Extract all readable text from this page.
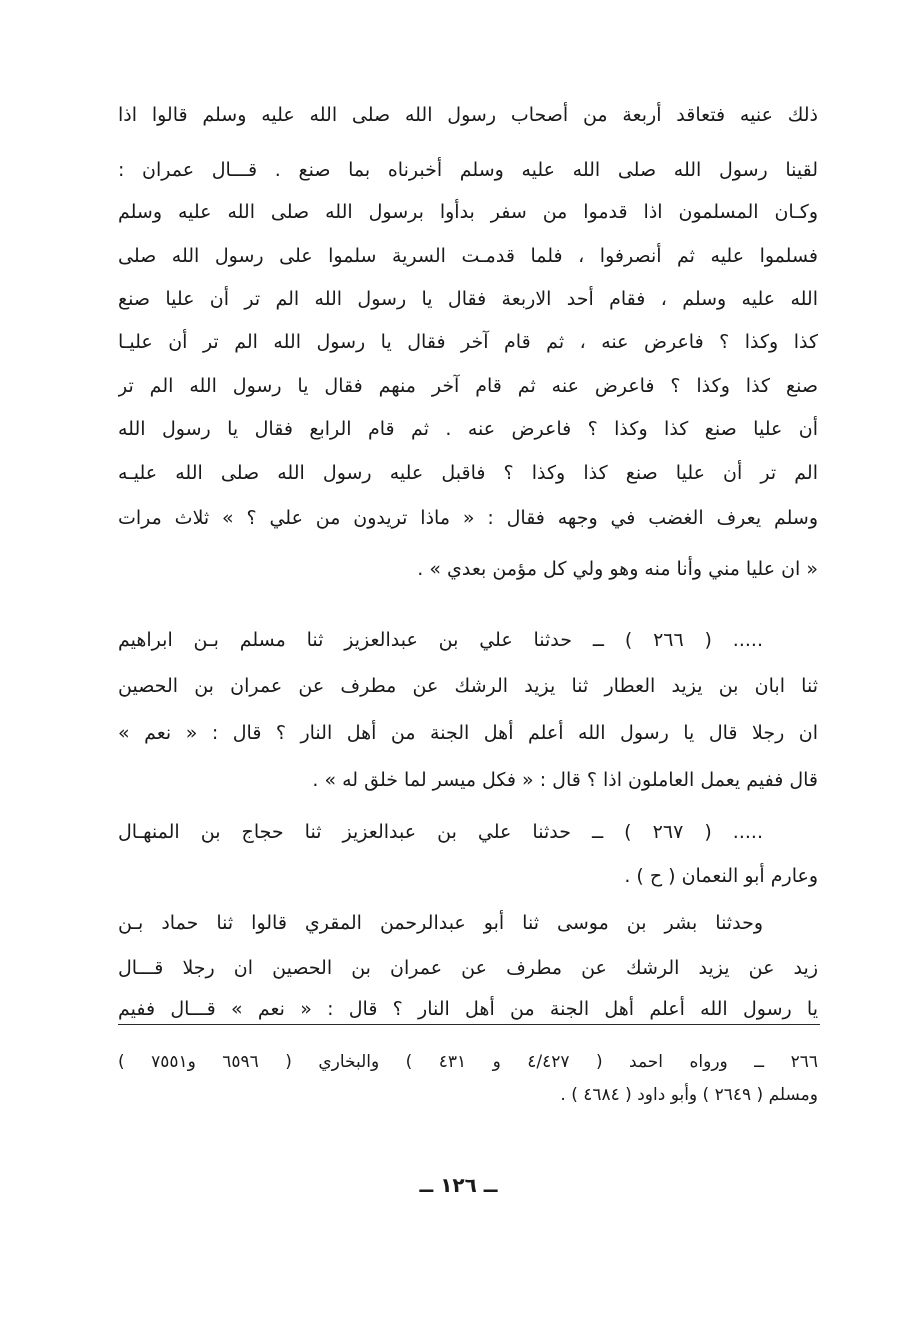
ذلك عنيه فتعاقد أربعة من أصحاب رسول الله صلى الله عليه وسلم قالوا اذا
لقينا رسول الله صلى الله عليه وسلم أخبرناه بما صنع . قـــال عمران :
وكـان المسلمون اذا قدموا من سفر بدأوا برسول الله صلى الله عليه وسلم
فسلموا عليه ثم أنصرفوا ، فلما قدمـت السرية سلموا على رسول الله صلى
الله عليه وسلم ، فقام أحد الاربعة فقال يا رسول الله الم تر أن عليا صنع
كذا وكذا ؟ فاعرض عنه ، ثم قام آخر فقال يا رسول الله الم تر أن عليـا
صنع كذا وكذا ؟ فاعرض عنه ثم قام آخر منهم فقال يا رسول الله الم تر
أن عليا صنع كذا وكذا ؟ فاعرض عنه . ثم قام الرابع فقال يا رسول الله
الم تر أن عليا صنع كذا وكذا ؟ فاقبل عليه رسول الله صلى الله عليـه
وسلم يعرف الغضب في وجهه فقال : « ماذا تريدون من علي ؟ » ثلاث مرات
« ان عليا مني وأنا منه وهو ولي كل مؤمن بعدي » .
..... ( ٢٦٦ ) ــ حدثنا علي بن عبدالعزيز ثنا مسلم بـن ابراهيم
ثنا ابان بن يزيد العطار ثنا يزيد الرشك عن مطرف عن عمران بن الحصين
ان رجلا قال يا رسول الله أعلم أهل الجنة من أهل النار ؟ قال : « نعم »
قال ففيم يعمل العاملون اذا ؟ قال : « فكل ميسر لما خلق له » .
..... ( ٢٦٧ ) ــ حدثنا علي بن عبدالعزيز ثنا حجاج بن المنهـال
وعارم أبو النعمان ( ح ) .
وحدثنا بشر بن موسى ثنا أبو عبدالرحمن المقري قالوا ثنا حماد بـن
زيد عن يزيد الرشك عن مطرف عن عمران بن الحصين ان رجلا قـــال
يا رسول الله أعلم أهل الجنة من أهل النار ؟ قال : « نعم » قـــال ففيم
٢٦٦ ــ ورواه احمد ( ٤/٤٢٧ و ٤٣١ ) والبخاري ( ٦٥٩٦ و٧٥٥١ )
ومسلم ( ٢٦٤٩ ) وأبو داود ( ٤٦٨٤ ) .
ــ ١٢٦ ــ
